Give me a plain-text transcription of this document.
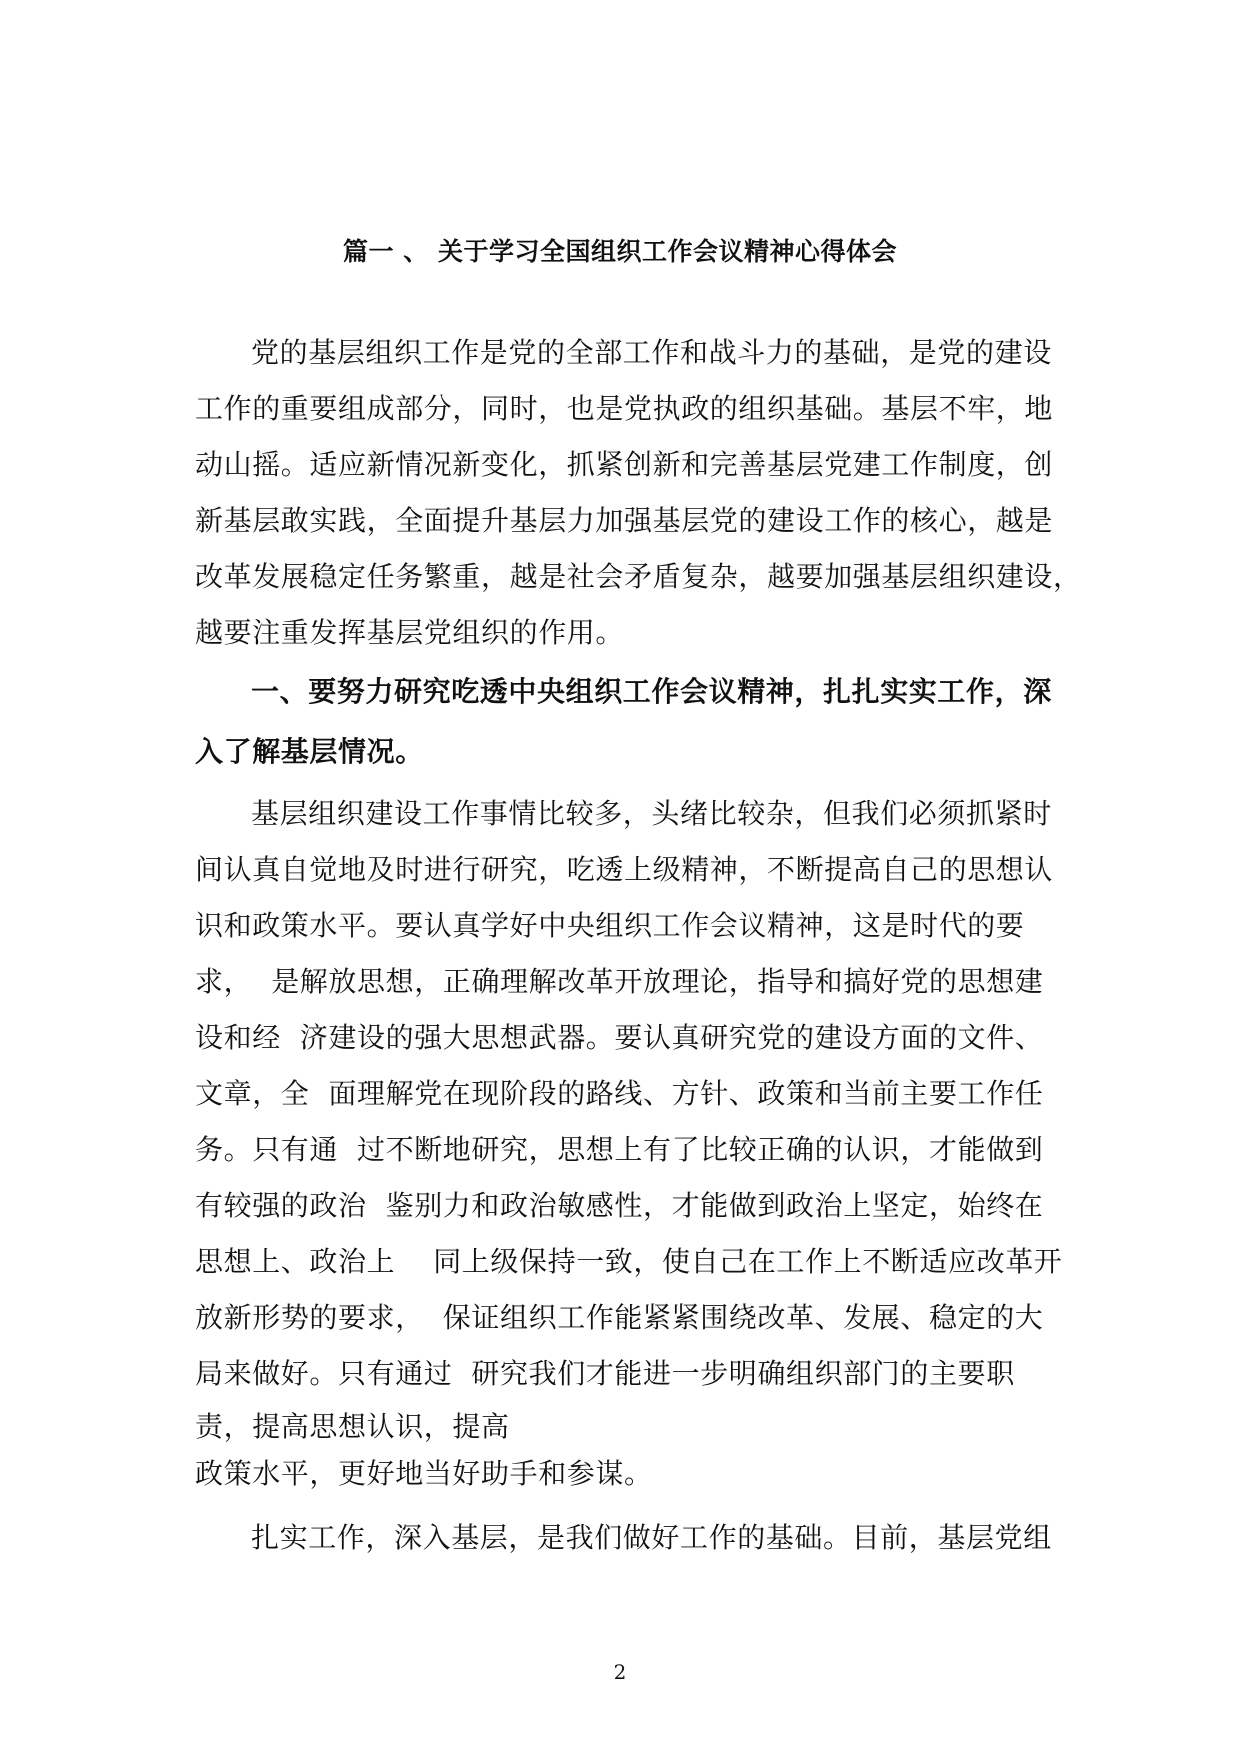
篇一 、 关于学习全国组织工作会议精神心得体会
党的基层组织工作是党的全部工作和战斗力的基础，是党的建设
工作的重要组成部分，同时，也是党执政的组织基础。基层不牢，地
动山摇。适应新情况新变化，抓紧创新和完善基层党建工作制度，创
新基层敢实践，全面提升基层力加强基层党的建设工作的核心，越是
改革发展稳定任务繁重，越是社会矛盾复杂，越要加强基层组织建设，
越要注重发挥基层党组织的作用。
一、要努力研究吃透中央组织工作会议精神，扎扎实实工作，深
入了解基层情况。
基层组织建设工作事情比较多，头绪比较杂，但我们必须抓紧时
间认真自觉地及时进行研究，吃透上级精神，不断提高自己的思想认
识和政策水平。要认真学好中央组织工作会议精神，这是时代的要
求，  是解放思想，正确理解改革开放理论，指导和搞好党的思想建
设和经  济建设的强大思想武器。要认真研究党的建设方面的文件、
文章，全  面理解党在现阶段的路线、方针、政策和当前主要工作任
务。只有通  过不断地研究，思想上有了比较正确的认识，才能做到
有较强的政治  鉴别力和政治敏感性，才能做到政治上坚定，始终在
思想上、政治上    同上级保持一致，使自己在工作上不断适应改革开
放新形势的要求，  保证组织工作能紧紧围绕改革、发展、稳定的大
局来做好。只有通过  研究我们才能进一步明确组织部门的主要职
责，提高思想认识，提高
政策水平，更好地当好助手和参谋。
扎实工作，深入基层，是我们做好工作的基础。目前，基层党组
2
